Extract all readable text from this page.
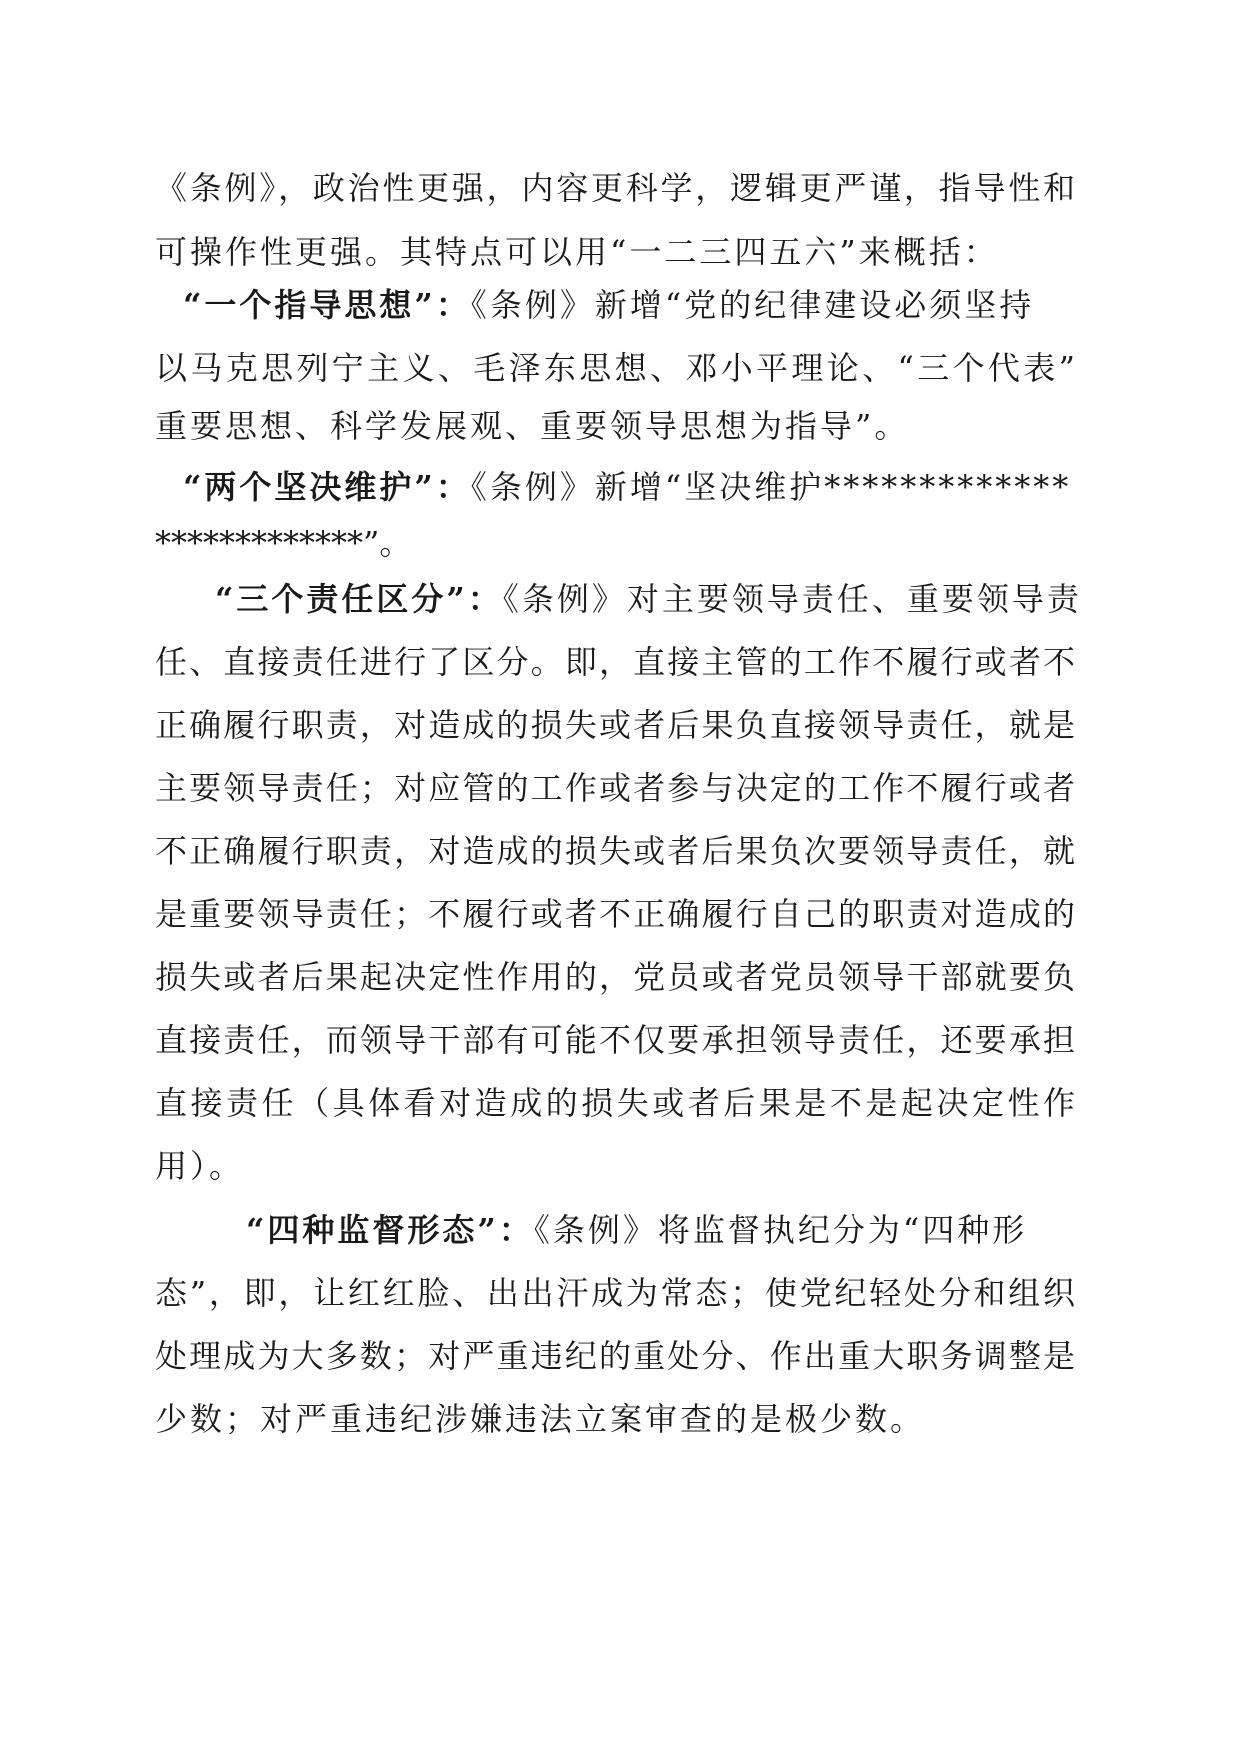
《条例》，政治性更强，内容更科学，逻辑更严谨，指导性和
可操作性更强。其特点可以用“一二三四五六”来概括：
“一个指导思想”：《条例》新增“党的纪律建设必须坚持
以马克思列宁主义、毛泽东思想、邓小平理论、“三个代表”
重要思想、科学发展观、重要领导思想为指导”。
“两个坚决维护”：《条例》新增“坚决维护*************
*************”。
“三个责任区分”：《条例》对主要领导责任、重要领导责
任、直接责任进行了区分。即，直接主管的工作不履行或者不
正确履行职责，对造成的损失或者后果负直接领导责任，就是
主要领导责任；对应管的工作或者参与决定的工作不履行或者
不正确履行职责，对造成的损失或者后果负次要领导责任，就
是重要领导责任；不履行或者不正确履行自己的职责对造成的
损失或者后果起决定性作用的，党员或者党员领导干部就要负
直接责任，而领导干部有可能不仅要承担领导责任，还要承担
直接责任（具体看对造成的损失或者后果是不是起决定性作
用）。
“四种监督形态”：《条例》将监督执纪分为“四种形
态”，即，让红红脸、出出汗成为常态；使党纪轻处分和组织
处理成为大多数；对严重违纪的重处分、作出重大职务调整是
少数；对严重违纪涉嫌违法立案审查的是极少数。
